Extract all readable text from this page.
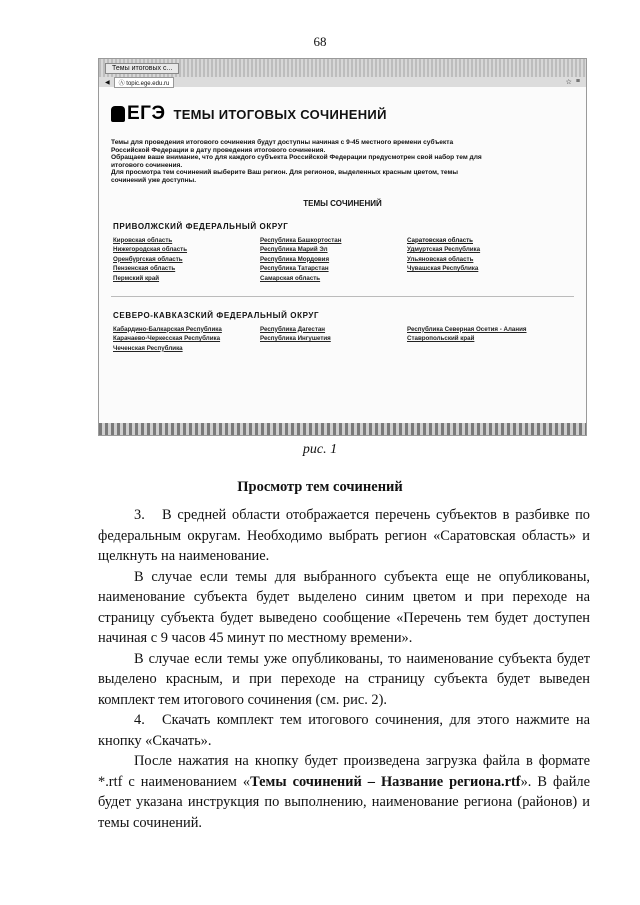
68
Темы итоговых с...
◀	Ⓐ topic.ege.edu.ru	☆ ≡
ЕГЭ ТЕМЫ ИТОГОВЫХ СОЧИНЕНИЙ

Темы для проведения итогового сочинения будут доступны начиная с 9-45 местного времени субъекта

Российской Федерации в дату проведения итогового сочинения.

Обращаем ваше внимание, что для каждого субъекта Российской Федерации предусмотрен свой набор тем для

итогового сочинения.

Для просмотра тем сочинений выберите Ваш регион. Для регионов, выделенных красным цветом, темы

сочинений уже доступны.

ТЕМЫ СОЧИНЕНИЙ
ПРИВОЛЖСКИЙ ФЕДЕРАЛЬНЫЙ ОКРУГ
Кировская область	Республика Башкортостан	Саратовская область
Нижегородская область	Республика Марий Эл	Удмуртская Республика
Оренбургская область	Республика Мордовия	Ульяновская область
Пензенская область	Республика Татарстан	Чувашская Республика
Пермский край	Самарская область
СЕВЕРО-КАВКАЗСКИЙ ФЕДЕРАЛЬНЫЙ ОКРУГ
Кабардино-Балкарская Республика	Республика Дагестан	Республика Северная Осетия - Алания
Карачаево-Черкесская Республика	Республика Ингушетия	Ставропольский край
Чеченская Республика
рис. 1
Просмотр тем сочинений

3. В средней области отображается перечень субъектов в разбивке по федеральным округам. Необходимо выбрать регион «Саратовская область» и щелкнуть на наименование.

В случае если темы для выбранного субъекта еще не опубликованы, наименование субъекта будет выделено синим цветом и при переходе на страницу субъекта будет выведено сообщение «Перечень тем будет доступен начиная с 9 часов 45 минут по местному времени».

В случае если темы уже опубликованы, то наименование субъекта будет выделено красным, и при переходе на страницу субъекта будет выведен комплект тем итогового сочинения (см. рис. 2).

4. Скачать комплект тем итогового сочинения, для этого нажмите на кнопку «Скачать».

После нажатия на кнопку будет произведена загрузка файла в формате *.rtf с наименованием «Темы сочинений – Название региона.rtf». В файле будет указана инструкция по выполнению, наименование региона (районов) и темы сочинений.
